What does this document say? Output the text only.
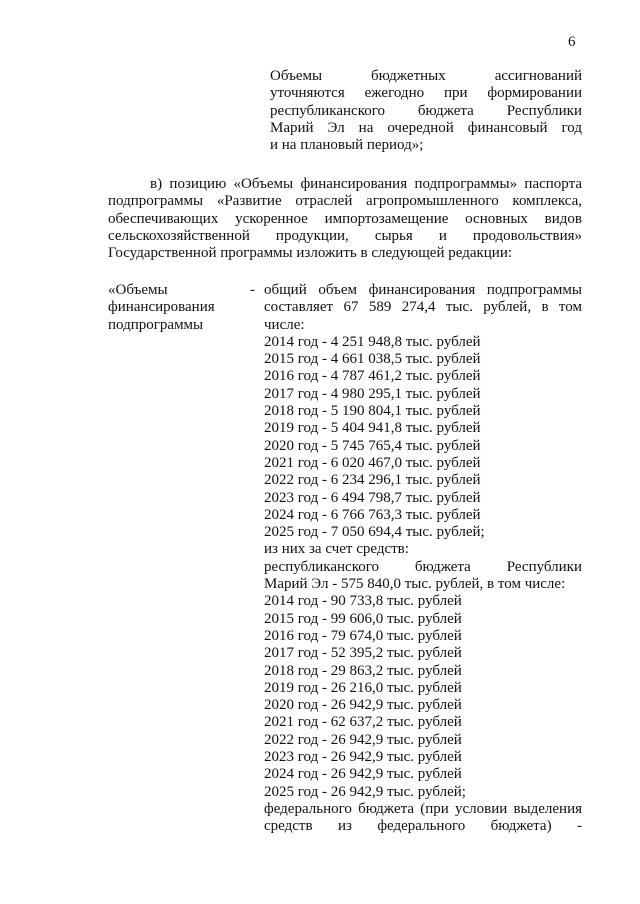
6
Объемы бюджетных ассигнований
уточняются ежегодно при формировании
республиканского бюджета Республики
Марий Эл на очередной финансовый год
и на плановый период»;
в) позицию «Объемы финансирования подпрограммы» паспорта
подпрограммы «Развитие отраслей агропромышленного комплекса,
обеспечивающих ускоренное импортозамещение основных видов
сельскохозяйственной продукции, сырья и продовольствия»
Государственной программы изложить в следующей редакции:
«Объемы
финансирования
подпрограммы
- общий объем финансирования подпрограммы
составляет 67 589 274,4 тыс. рублей, в том
числе:
2014 год - 4 251 948,8 тыс. рублей
2015 год - 4 661 038,5 тыс. рублей
2016 год - 4 787 461,2 тыс. рублей
2017 год - 4 980 295,1 тыс. рублей
2018 год - 5 190 804,1 тыс. рублей
2019 год - 5 404 941,8 тыс. рублей
2020 год - 5 745 765,4 тыс. рублей
2021 год - 6 020 467,0 тыс. рублей
2022 год - 6 234 296,1 тыс. рублей
2023 год - 6 494 798,7 тыс. рублей
2024 год - 6 766 763,3 тыс. рублей
2025 год - 7 050 694,4 тыс. рублей;
из них за счет средств:
республиканского бюджета Республики
Марий Эл - 575 840,0 тыс. рублей, в том числе:
2014 год - 90 733,8 тыс. рублей
2015 год - 99 606,0 тыс. рублей
2016 год - 79 674,0 тыс. рублей
2017 год - 52 395,2 тыс. рублей
2018 год - 29 863,2 тыс. рублей
2019 год - 26 216,0 тыс. рублей
2020 год - 26 942,9 тыс. рублей
2021 год - 62 637,2 тыс. рублей
2022 год - 26 942,9 тыс. рублей
2023 год - 26 942,9 тыс. рублей
2024 год - 26 942,9 тыс. рублей
2025 год - 26 942,9 тыс. рублей;
федерального бюджета (при условии выделения
средств из федерального бюджета) -
